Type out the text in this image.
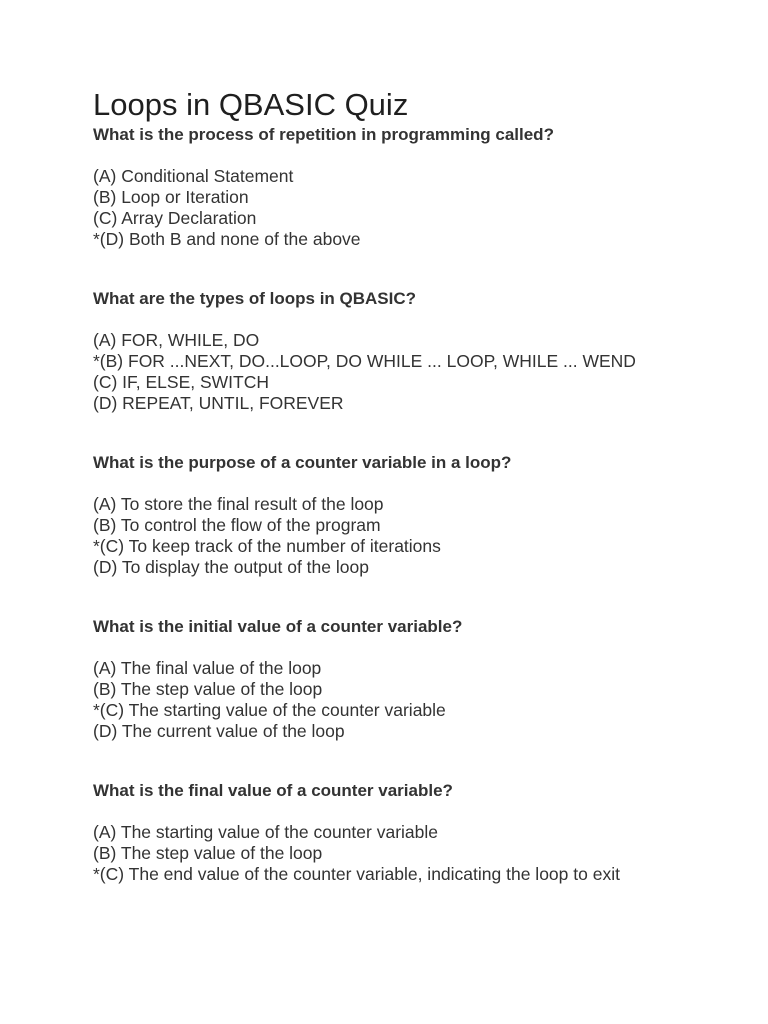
Loops in QBASIC Quiz

What is the process of repetition in programming called?

(A) Conditional Statement
(B) Loop or Iteration
(C) Array Declaration
*(D) Both B and none of the above

What are the types of loops in QBASIC?

(A) FOR, WHILE, DO
*(B) FOR ...NEXT, DO...LOOP, DO WHILE ... LOOP, WHILE ... WEND
(C) IF, ELSE, SWITCH
(D) REPEAT, UNTIL, FOREVER

What is the purpose of a counter variable in a loop?

(A) To store the final result of the loop
(B) To control the flow of the program
*(C) To keep track of the number of iterations
(D) To display the output of the loop

What is the initial value of a counter variable?

(A) The final value of the loop
(B) The step value of the loop
*(C) The starting value of the counter variable
(D) The current value of the loop

What is the final value of a counter variable?

(A) The starting value of the counter variable
(B) The step value of the loop
*(C) The end value of the counter variable, indicating the loop to exit
